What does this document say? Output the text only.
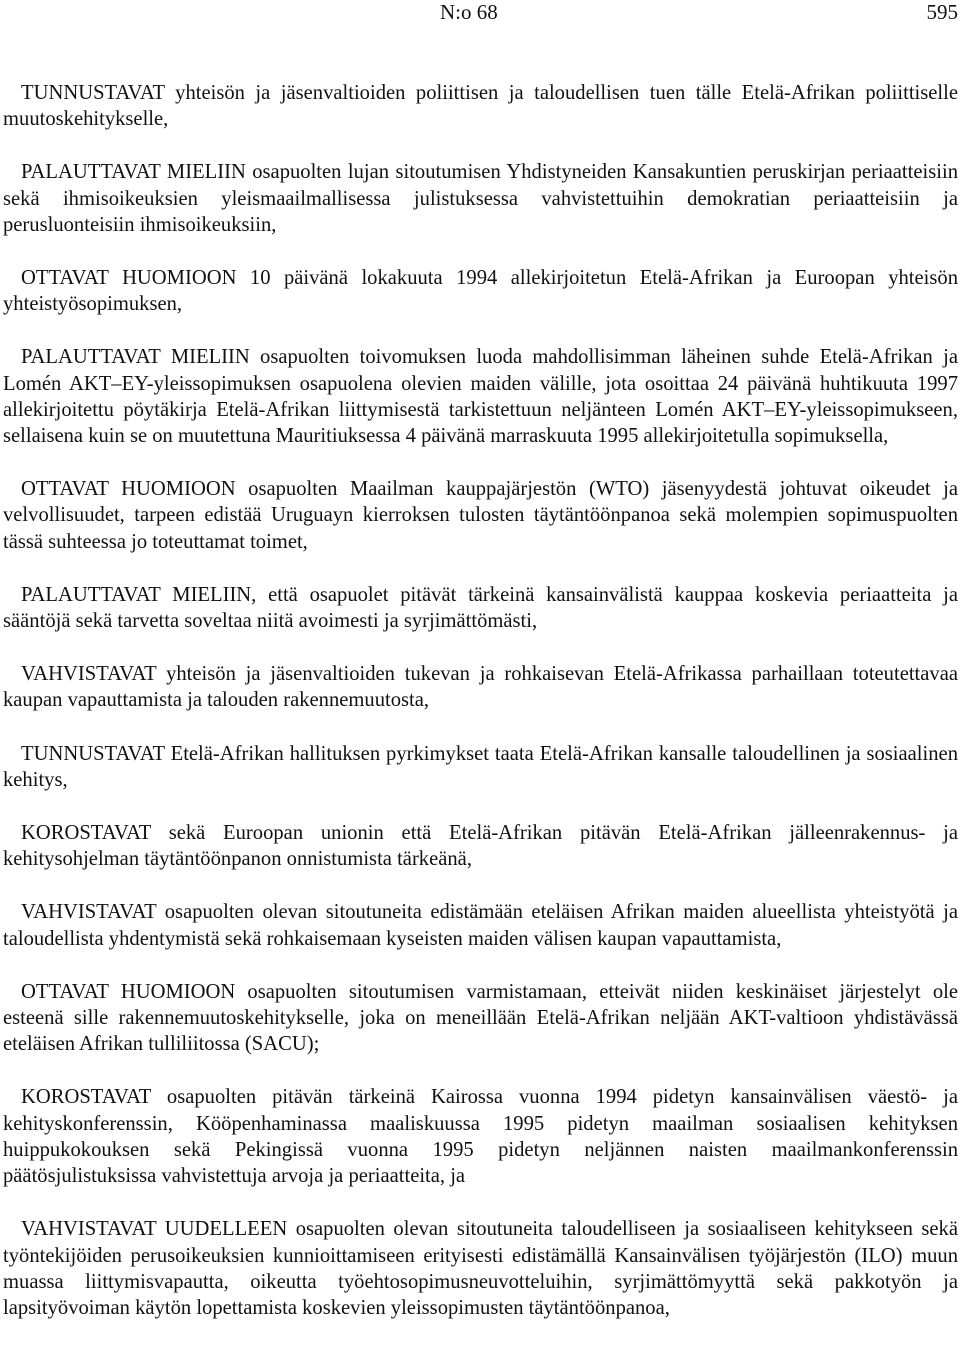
N:o 68	595

TUNNUSTAVAT yhteisön ja jäsenvaltioiden poliittisen ja taloudellisen tuen tälle Etelä-Afrikan poliittiselle muutoskehitykselle,

PALAUTTAVAT MIELIIN osapuolten lujan sitoutumisen Yhdistyneiden Kansakuntien peruskirjan periaatteisiin sekä ihmisoikeuksien yleismaailmallisessa julistuksessa vahvistettuihin demokratian periaatteisiin ja perusluonteisiin ihmisoikeuksiin,

OTTAVAT HUOMIOON 10 päivänä lokakuuta 1994 allekirjoitetun Etelä-Afrikan ja Euroopan yhteisön yhteistyösopimuksen,

PALAUTTAVAT MIELIIN osapuolten toivomuksen luoda mahdollisimman läheinen suhde Etelä-Afrikan ja Lomén AKT–EY-yleissopimuksen osapuolena olevien maiden välille, jota osoittaa 24 päivänä huhtikuuta 1997 allekirjoitettu pöytäkirja Etelä-Afrikan liittymisestä tarkistettuun neljänteen Lomén AKT–EY-yleissopimukseen, sellaisena kuin se on muutettuna Mauritiuksessa 4 päivänä marraskuuta 1995 allekirjoitetulla sopimuksella,

OTTAVAT HUOMIOON osapuolten Maailman kauppajärjestön (WTO) jäsenyydestä johtuvat oikeudet ja velvollisuudet, tarpeen edistää Uruguayn kierroksen tulosten täytäntöönpanoa sekä molempien sopimuspuolten tässä suhteessa jo toteuttamat toimet,

PALAUTTAVAT MIELIIN, että osapuolet pitävät tärkeinä kansainvälistä kauppaa koskevia periaatteita ja sääntöjä sekä tarvetta soveltaa niitä avoimesti ja syrjimättömästi,

VAHVISTAVAT yhteisön ja jäsenvaltioiden tukevan ja rohkaisevan Etelä-Afrikassa parhaillaan toteutettavaa kaupan vapauttamista ja talouden rakennemuutosta,

TUNNUSTAVAT Etelä-Afrikan hallituksen pyrkimykset taata Etelä-Afrikan kansalle taloudellinen ja sosiaalinen kehitys,

KOROSTAVAT sekä Euroopan unionin että Etelä-Afrikan pitävän Etelä-Afrikan jälleenrakennus- ja kehitysohjelman täytäntöönpanon onnistumista tärkeänä,

VAHVISTAVAT osapuolten olevan sitoutuneita edistämään eteläisen Afrikan maiden alueellista yhteistyötä ja taloudellista yhdentymistä sekä rohkaisemaan kyseisten maiden välisen kaupan vapauttamista,

OTTAVAT HUOMIOON osapuolten sitoutumisen varmistamaan, etteivät niiden keskinäiset järjestelyt ole esteenä sille rakennemuutoskehitykselle, joka on meneillään Etelä-Afrikan neljään AKT-valtioon yhdistävässä eteläisen Afrikan tulliliitossa (SACU);

KOROSTAVAT osapuolten pitävän tärkeinä Kairossa vuonna 1994 pidetyn kansainvälisen väestö- ja kehityskonferenssin, Kööpenhaminassa maaliskuussa 1995 pidetyn maailman sosiaalisen kehityksen huippukokouksen sekä Pekingissä vuonna 1995 pidetyn neljännen naisten maailmankonferenssin päätösjulistuksissa vahvistettuja arvoja ja periaatteita, ja

VAHVISTAVAT UUDELLEEN osapuolten olevan sitoutuneita taloudelliseen ja sosiaaliseen kehitykseen sekä työntekijöiden perusoikeuksien kunnioittamiseen erityisesti edistämällä Kansainvälisen työjärjestön (ILO) muun muassa liittymisvapautta, oikeutta työehtosopimusneuvotteluihin, syrjimättömyyttä sekä pakkotyön ja lapsityövoiman käytön lopettamista koskevien yleissopimusten täytäntöönpanoa,
